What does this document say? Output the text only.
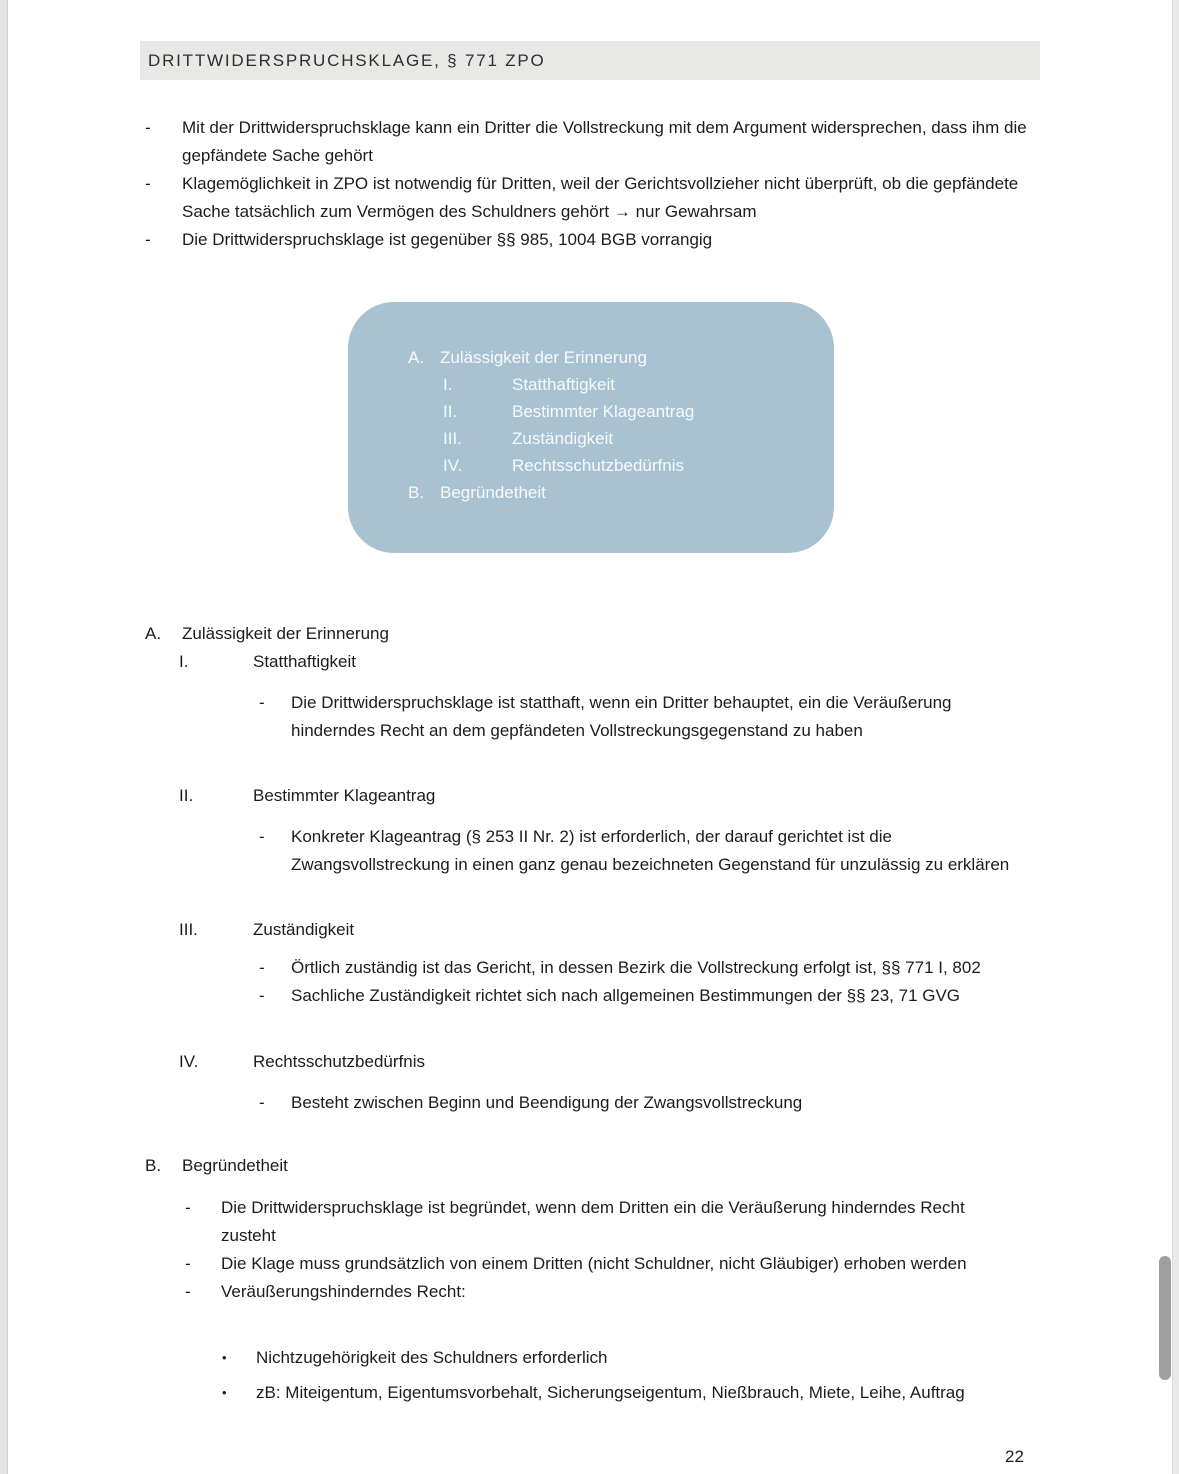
DRITTWIDERSPRUCHSKLAGE, § 771 ZPO
-	Mit der Drittwiderspruchsklage kann ein Dritter die Vollstreckung mit dem Argument widersprechen, dass ihm die gepfändete Sache gehört
-	Klagemöglichkeit in ZPO ist notwendig für Dritten, weil der Gerichtsvollzieher nicht überprüft, ob die gepfändete Sache tatsächlich zum Vermögen des Schuldners gehört → nur Gewahrsam
-	Die Drittwiderspruchsklage ist gegenüber §§ 985, 1004 BGB vorrangig
A. Zulässigkeit der Erinnerung
I.	Statthaftigkeit
II.	Bestimmter Klageantrag
III.	Zuständigkeit
IV.	Rechtsschutzbedürfnis
B. Begründetheit
A.	Zulässigkeit der Erinnerung
I.	Statthaftigkeit
-	Die Drittwiderspruchsklage ist statthaft, wenn ein Dritter behauptet, ein die Veräußerung hinderndes Recht an dem gepfändeten Vollstreckungsgegenstand zu haben
II.	Bestimmter Klageantrag
-	Konkreter Klageantrag (§ 253 II Nr. 2) ist erforderlich, der darauf gerichtet ist die Zwangsvollstreckung in einen ganz genau bezeichneten Gegenstand für unzulässig zu erklären
III.	Zuständigkeit
-	Örtlich zuständig ist das Gericht, in dessen Bezirk die Vollstreckung erfolgt ist, §§ 771 I, 802
-	Sachliche Zuständigkeit richtet sich nach allgemeinen Bestimmungen der §§ 23, 71 GVG
IV.	Rechtsschutzbedürfnis
-	Besteht zwischen Beginn und Beendigung der Zwangsvollstreckung
B.	Begründetheit
-	Die Drittwiderspruchsklage ist begründet, wenn dem Dritten ein die Veräußerung hinderndes Recht zusteht
-	Die Klage muss grundsätzlich von einem Dritten (nicht Schuldner, nicht Gläubiger) erhoben werden
-	Veräußerungshinderndes Recht:
•	Nichtzugehörigkeit des Schuldners erforderlich
•	zB: Miteigentum, Eigentumsvorbehalt, Sicherungseigentum, Nießbrauch, Miete, Leihe, Auftrag
22
